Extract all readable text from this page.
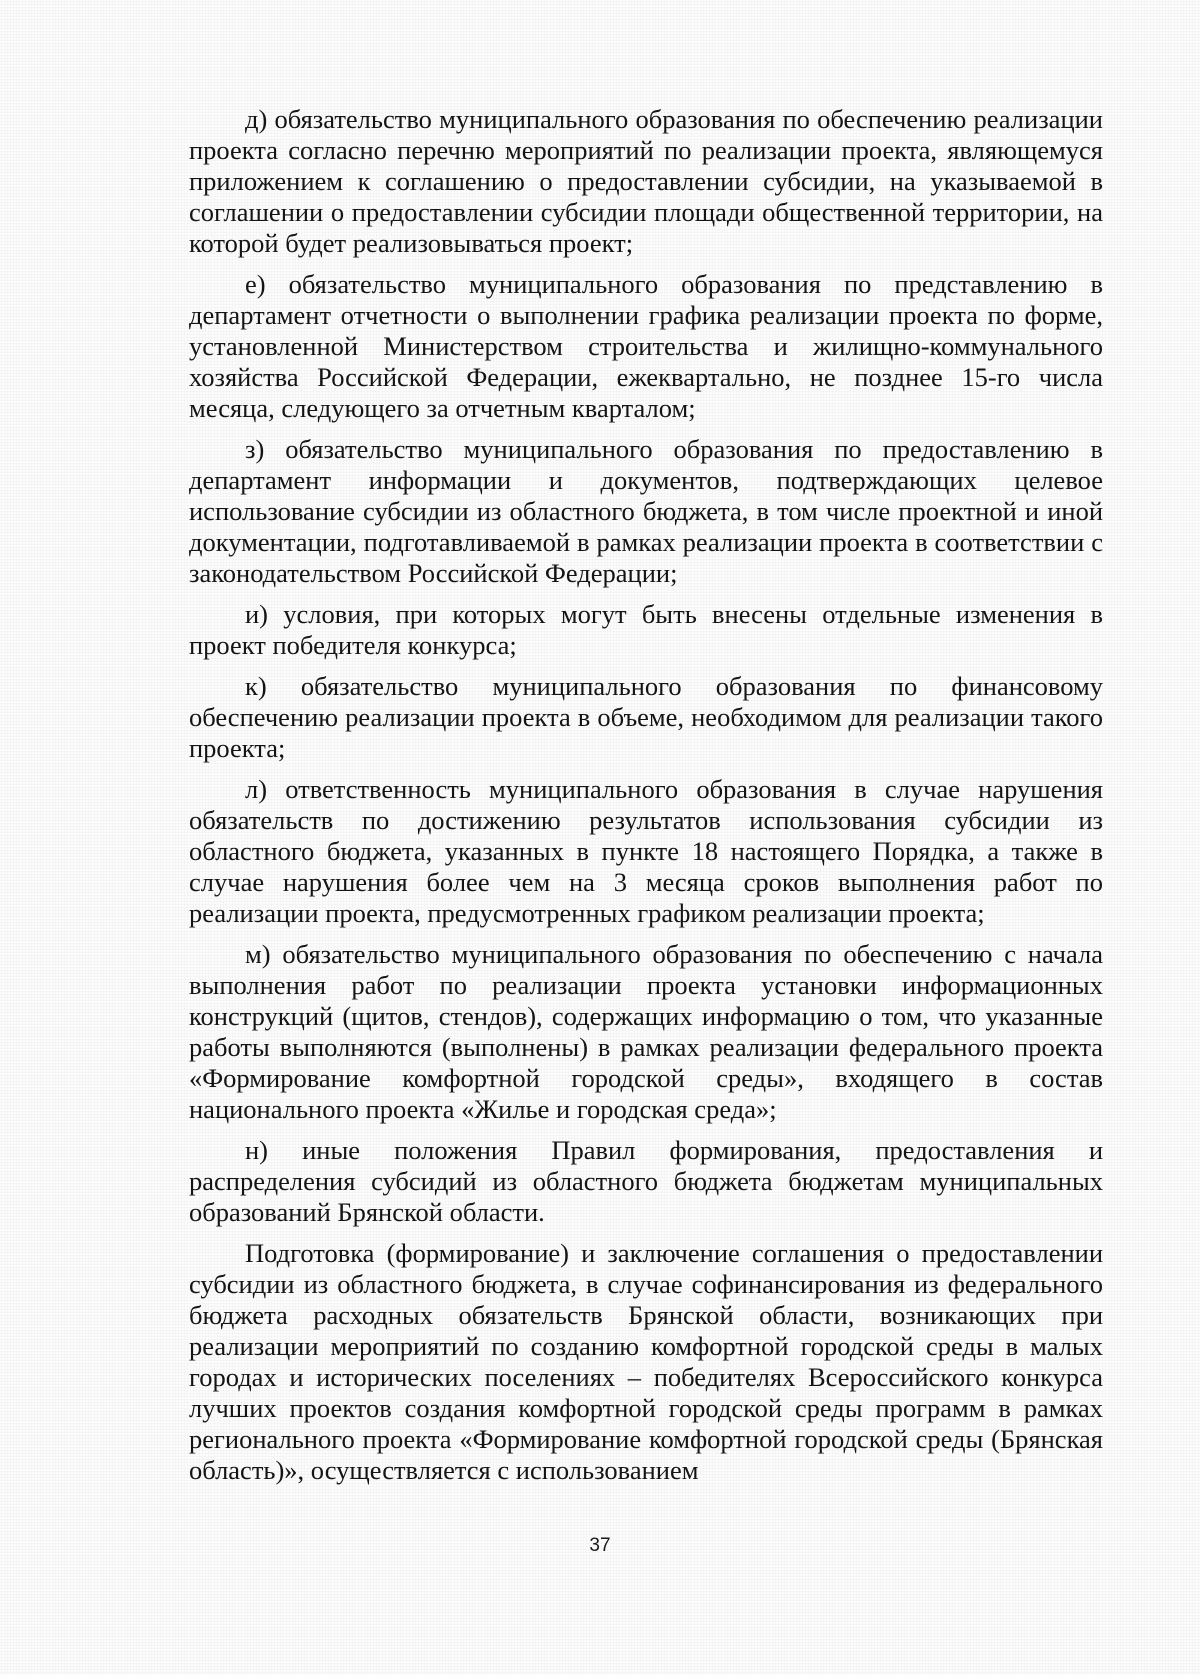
д) обязательство муниципального образования по обеспечению реализации проекта согласно перечню мероприятий по реализации проекта, являющемуся приложением к соглашению о предоставлении субсидии, на указываемой в соглашении о предоставлении субсидии площади общественной территории, на которой будет реализовываться проект;

е) обязательство муниципального образования по представлению в департамент отчетности о выполнении графика реализации проекта по форме, установленной Министерством строительства и жилищно-коммунального хозяйства Российской Федерации, ежеквартально, не позднее 15-го числа месяца, следующего за отчетным кварталом;

з) обязательство муниципального образования по предоставлению в департамент информации и документов, подтверждающих целевое использование субсидии из областного бюджета, в том числе проектной и иной документации, подготавливаемой в рамках реализации проекта в соответствии с законодательством Российской Федерации;

и) условия, при которых могут быть внесены отдельные изменения в проект победителя конкурса;

к) обязательство муниципального образования по финансовому обеспечению реализации проекта в объеме, необходимом для реализации такого проекта;

л) ответственность муниципального образования в случае нарушения обязательств по достижению результатов использования субсидии из областного бюджета, указанных в пункте 18 настоящего Порядка, а также в случае нарушения более чем на 3 месяца сроков выполнения работ по реализации проекта, предусмотренных графиком реализации проекта;

м) обязательство муниципального образования по обеспечению с начала выполнения работ по реализации проекта установки информационных конструкций (щитов, стендов), содержащих информацию о том, что указанные работы выполняются (выполнены) в рамках реализации федерального проекта «Формирование комфортной городской среды», входящего в состав национального проекта «Жилье и городская среда»;

н) иные положения Правил формирования, предоставления и распределения субсидий из областного бюджета бюджетам муниципальных образований Брянской области.

Подготовка (формирование) и заключение соглашения о предоставлении субсидии из областного бюджета, в случае софинансирования из федерального бюджета расходных обязательств Брянской области, возникающих при реализации мероприятий по созданию комфортной городской среды в малых городах и исторических поселениях – победителях Всероссийского конкурса лучших проектов создания комфортной городской среды программ в рамках регионального проекта «Формирование комфортной городской среды (Брянская область)», осуществляется с использованием

37
